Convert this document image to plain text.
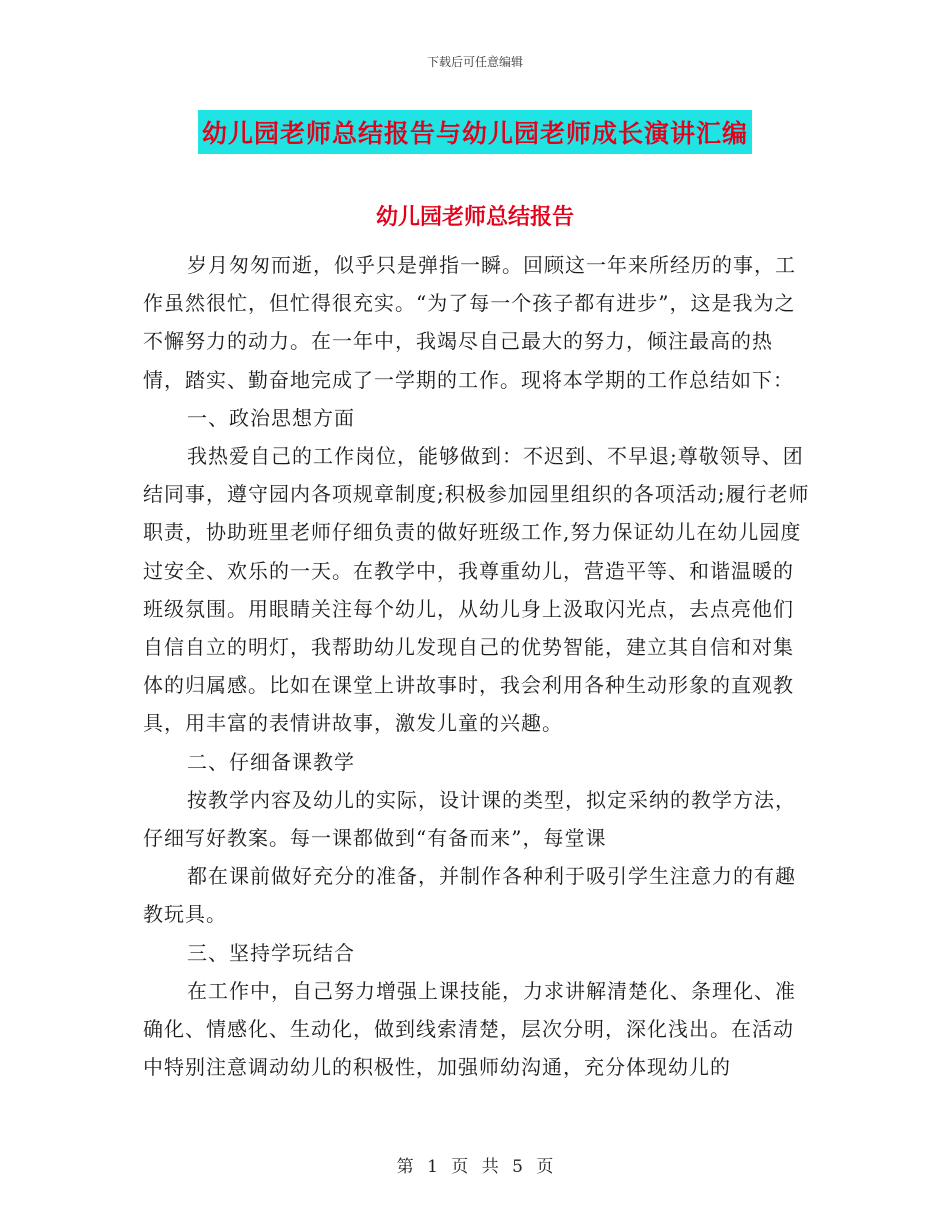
下载后可任意编辑
幼儿园老师总结报告与幼儿园老师成长演讲汇编
幼儿园老师总结报告

岁月匆匆而逝，似乎只是弹指一瞬。回顾这一年来所经历的事，工作虽然很忙，但忙得很充实。“为了每一个孩子都有进步”，这是我为之不懈努力的动力。在一年中，我竭尽自己最大的努力，倾注最高的热情，踏实、勤奋地完成了一学期的工作。现将本学期的工作总结如下：

一、政治思想方面

我热爱自己的工作岗位，能够做到：不迟到、不早退;尊敬领导、团结同事，遵守园内各项规章制度;积极参加园里组织的各项活动;履行老师职责，协助班里老师仔细负责的做好班级工作,努力保证幼儿在幼儿园度过安全、欢乐的一天。在教学中，我尊重幼儿，营造平等、和谐温暖的班级氛围。用眼睛关注每个幼儿，从幼儿身上汲取闪光点，去点亮他们自信自立的明灯，我帮助幼儿发现自己的优势智能，建立其自信和对集体的归属感。比如在课堂上讲故事时，我会利用各种生动形象的直观教具，用丰富的表情讲故事，激发儿童的兴趣。

二、仔细备课教学

按教学内容及幼儿的实际，设计课的类型，拟定采纳的教学方法，仔细写好教案。每一课都做到“有备而来”，每堂课

都在课前做好充分的准备，并制作各种利于吸引学生注意力的有趣教玩具。

三、坚持学玩结合

在工作中，自己努力增强上课技能，力求讲解清楚化、条理化、准确化、情感化、生动化，做到线索清楚，层次分明，深化浅出。在活动中特别注意调动幼儿的积极性，加强师幼沟通，充分体现幼儿的

第 1 页 共 5 页
